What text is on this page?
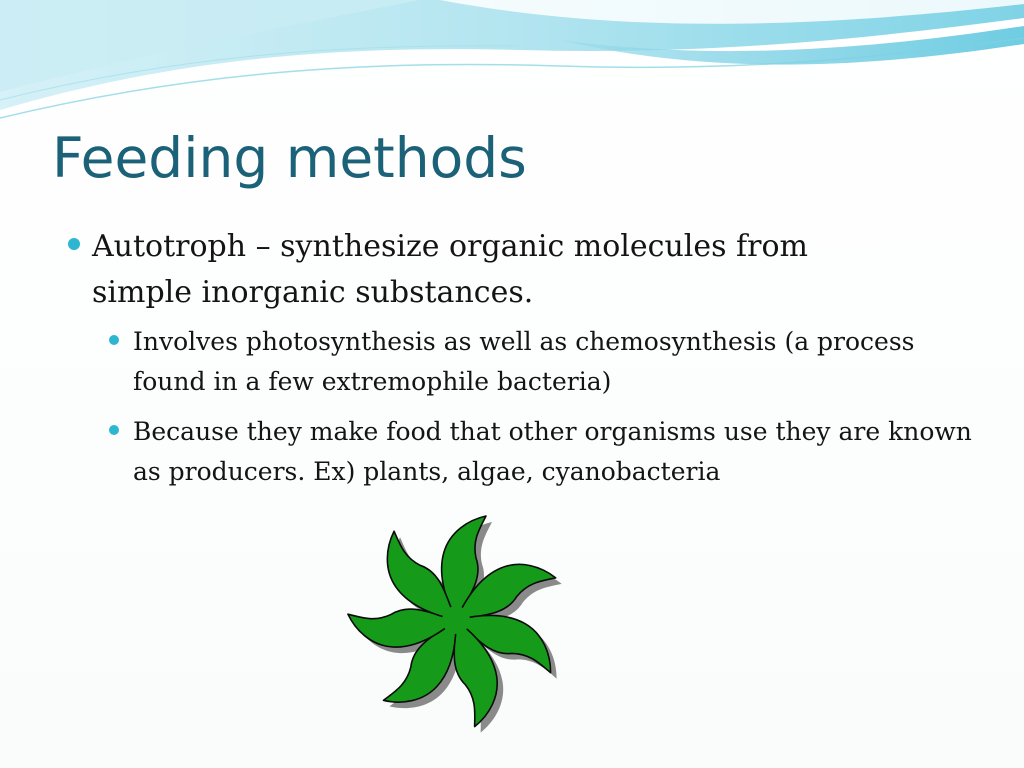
Feeding methods

Autotroph – synthesize organic molecules from simple inorganic substances.

Involves photosynthesis as well as chemosynthesis (a process found in a few extremophile bacteria)

Because they make food that other organisms use they are known as producers. Ex) plants, algae, cyanobacteria
